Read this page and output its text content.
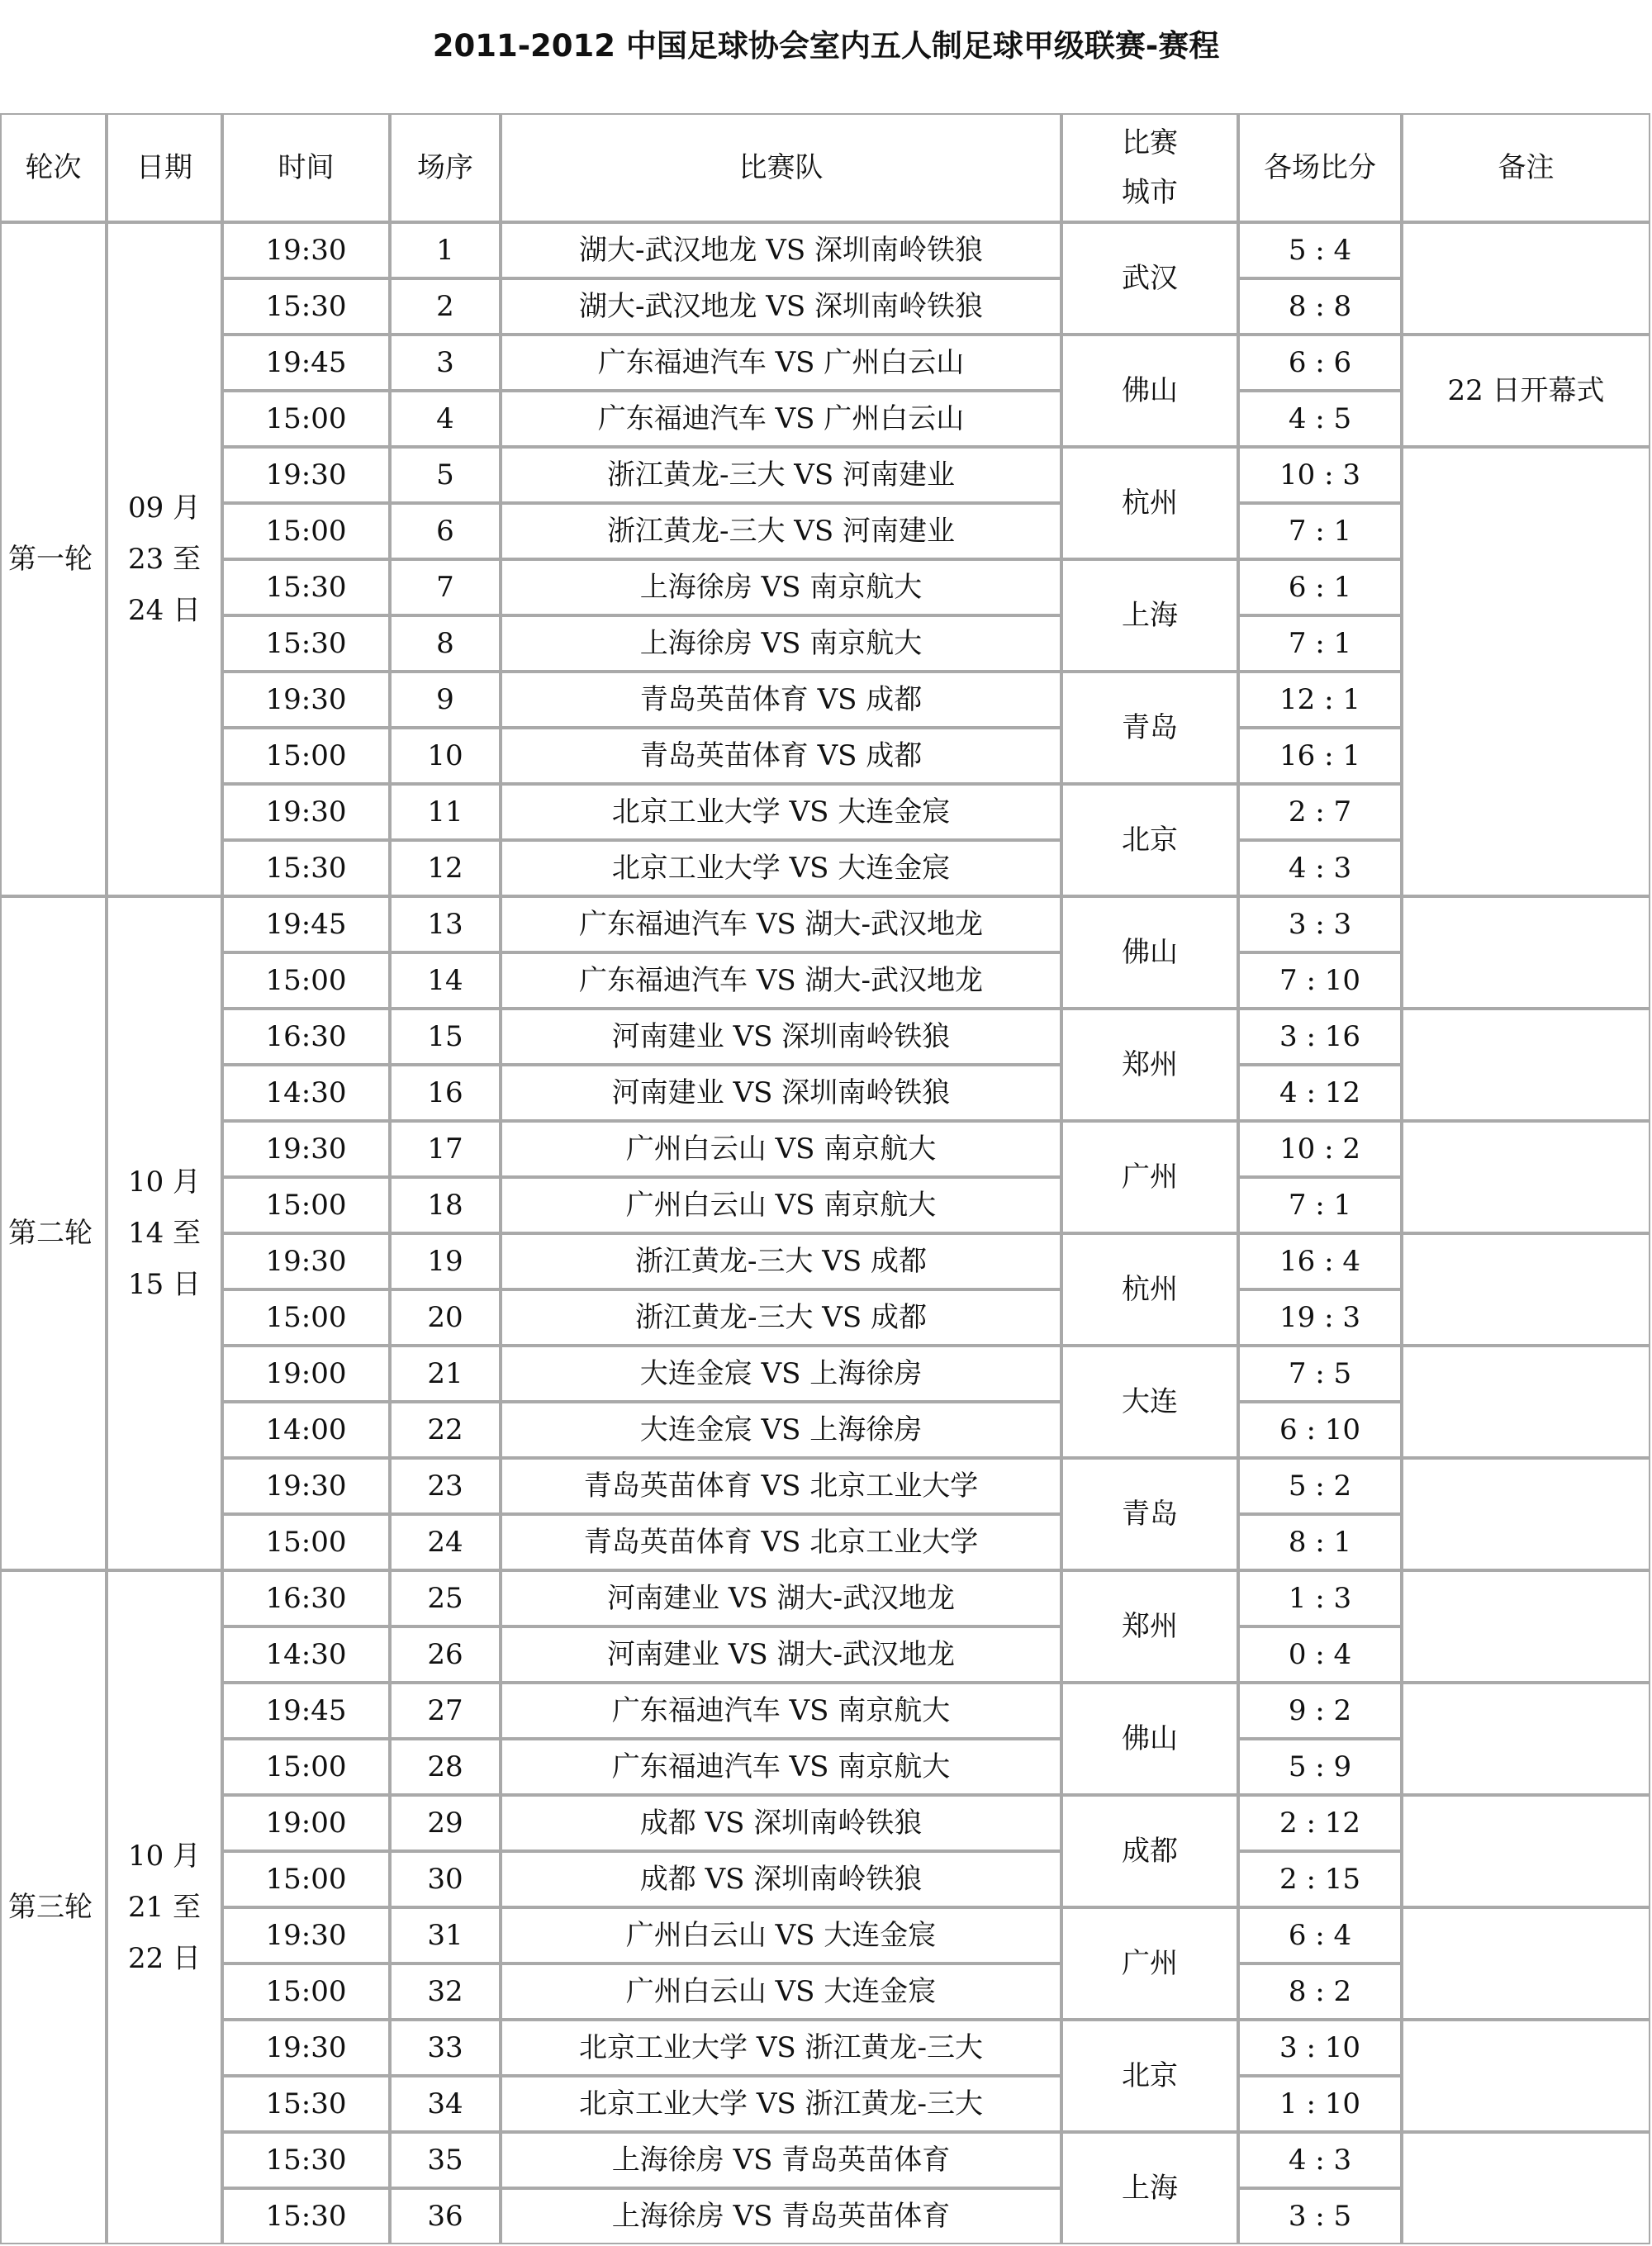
2011-2012 中国足球协会室内五人制足球甲级联赛-赛程
轮次	日期	时间	场序	比赛队	比赛城市	各场比分	备注	
第一轮	09 月 23 至 24 日	19:30	1	湖大-武汉地龙 VS 深圳南岭铁狼	武汉	5 : 4		
		15:30	2	湖大-武汉地龙 VS 深圳南岭铁狼		8 : 8		
		19:45	3	广东福迪汽车 VS 广州白云山	佛山	6 : 6	22 日开幕式	
		15:00	4	广东福迪汽车 VS 广州白云山		4 : 5		
		19:30	5	浙江黄龙-三大 VS 河南建业	杭州	10 : 3		
		15:00	6	浙江黄龙-三大 VS 河南建业		7 : 1		
		15:30	7	上海徐房 VS 南京航大	上海	6 : 1		
		15:30	8	上海徐房 VS 南京航大		7 : 1		
		19:30	9	青岛英苗体育 VS 成都	青岛	12 : 1		
		15:00	10	青岛英苗体育 VS 成都		16 : 1		
		19:30	11	北京工业大学 VS 大连金宸	北京	2 : 7	
		15:30	12	北京工业大学 VS 大连金宸		4 : 3		
第二轮	10 月 14 至 15 日	19:45	13	广东福迪汽车 VS 湖大-武汉地龙	佛山	3 : 3		
		15:00	14	广东福迪汽车 VS 湖大-武汉地龙		7 : 10		
		16:30	15	河南建业 VS 深圳南岭铁狼	郑州	3 : 16		
		14:30	16	河南建业 VS 深圳南岭铁狼		4 : 12		
		19:30	17	广州白云山 VS 南京航大	广州	10 : 2		
		15:00	18	广州白云山 VS 南京航大		7 : 1		
		19:30	19	浙江黄龙-三大 VS 成都	杭州	16 : 4		
		15:00	20	浙江黄龙-三大 VS 成都		19 : 3		
		19:00	21	大连金宸 VS 上海徐房	大连	7 : 5		
		14:00	22	大连金宸 VS 上海徐房		6 : 10		
		19:30	23	青岛英苗体育 VS 北京工业大学	青岛	5 : 2		
		15:00	24	青岛英苗体育 VS 北京工业大学		8 : 1		
第三轮	10 月 21 至 22 日	16:30	25	河南建业 VS 湖大-武汉地龙	郑州	1 : 3		
		14:30	26	河南建业 VS 湖大-武汉地龙		0 : 4		
		19:45	27	广东福迪汽车 VS 南京航大	佛山	9 : 2		
		15:00	28	广东福迪汽车 VS 南京航大		5 : 9		
		19:00	29	成都 VS 深圳南岭铁狼	成都	2 : 12		
		15:00	30	成都 VS 深圳南岭铁狼		2 : 15		
		19:30	31	广州白云山 VS 大连金宸	广州	6 : 4		
		15:00	32	广州白云山 VS 大连金宸		8 : 2		
		19:30	33	北京工业大学 VS 浙江黄龙-三大	北京	3 : 10		
		15:30	34	北京工业大学 VS 浙江黄龙-三大		1 : 10		
		15:30	35	上海徐房 VS 青岛英苗体育	上海	4 : 3		
		15:30	36	上海徐房 VS 青岛英苗体育		3 : 5		
